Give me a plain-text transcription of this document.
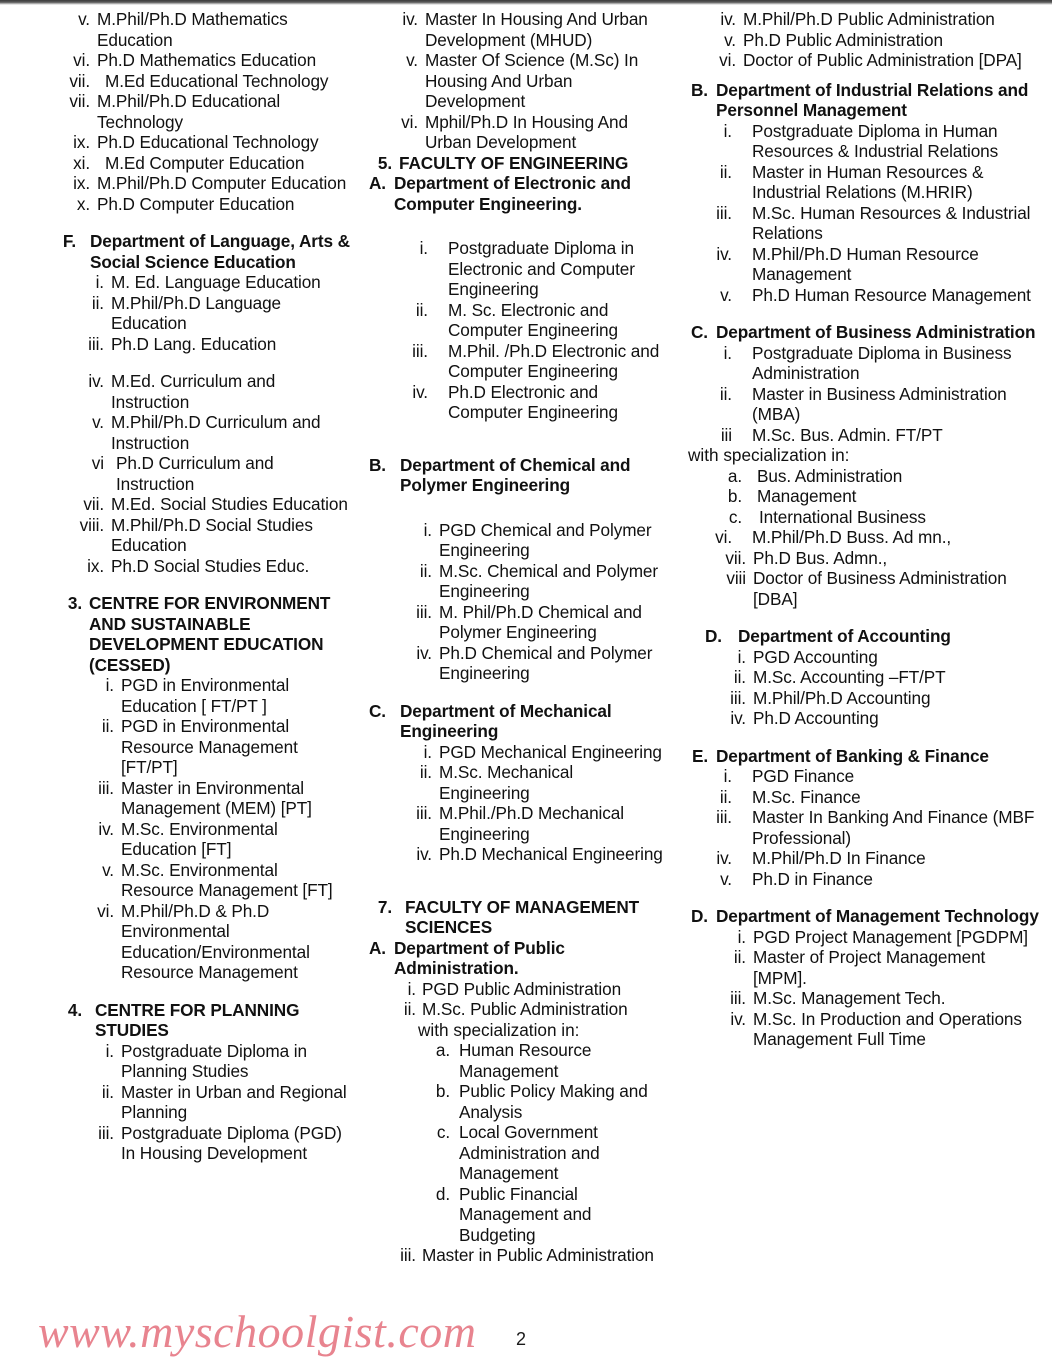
v. M.Phil/Ph.D Mathematics Education
vi. Ph.D Mathematics Education
vii. M.Ed Educational Technology
vii. M.Phil/Ph.D Educational Technology
ix. Ph.D Educational Technology
xi. M.Ed Computer Education
ix. M.Phil/Ph.D Computer Education
x. Ph.D Computer Education
F. Department of Language, Arts & Social Science Education
i. M. Ed. Language Education
ii. M.Phil/Ph.D Language Education
iii. Ph.D Lang. Education
iv. M.Ed. Curriculum and Instruction
v. M.Phil/Ph.D Curriculum and Instruction
vi Ph.D Curriculum and Instruction
vii. M.Ed. Social Studies Education
viii. M.Phil/Ph.D Social Studies Education
ix. Ph.D Social Studies Educ.
3. CENTRE FOR ENVIRONMENT AND SUSTAINABLE DEVELOPMENT EDUCATION (CESSED)
i. PGD in Environmental Education [ FT/PT ]
ii. PGD in Environmental Resource Management [FT/PT]
iii. Master in Environmental Management (MEM) [PT]
iv. M.Sc. Environmental Education [FT]
v. M.Sc. Environmental Resource Management [FT]
vi. M.Phil/Ph.D & Ph.D Environmental Education/Environmental Resource Management
4. CENTRE FOR PLANNING STUDIES
i. Postgraduate Diploma in Planning Studies
ii. Master in Urban and Regional Planning
iii. Postgraduate Diploma (PGD) In Housing Development
iv. Master In Housing And Urban Development (MHUD)
v. Master Of Science (M.Sc) In Housing And Urban Development
vi. Mphil/Ph.D In Housing And Urban Development
5. FACULTY OF ENGINEERING
A. Department of Electronic and Computer Engineering.
i. Postgraduate Diploma in Electronic and Computer Engineering
ii. M. Sc. Electronic and Computer Engineering
iii. M.Phil. /Ph.D Electronic and Computer Engineering
iv. Ph.D Electronic and Computer Engineering
B. Department of Chemical and Polymer Engineering
i. PGD Chemical and Polymer Engineering
ii. M.Sc. Chemical and Polymer Engineering
iii. M. Phil/Ph.D Chemical and Polymer Engineering
iv. Ph.D Chemical and Polymer Engineering
C. Department of Mechanical Engineering
i. PGD Mechanical Engineering
ii. M.Sc. Mechanical Engineering
iii. M.Phil./Ph.D Mechanical Engineering
iv. Ph.D Mechanical Engineering
7. FACULTY OF MANAGEMENT SCIENCES
A. Department of Public Administration.
i. PGD Public Administration
ii. M.Sc. Public Administration
with specialization in:
a. Human Resource Management
b. Public Policy Making and Analysis
c. Local Government Administration and Management
d. Public Financial Management and Budgeting
iii. Master in Public Administration
iv. M.Phil/Ph.D Public Administration
v. Ph.D Public Administration
vi. Doctor of Public Administration [DPA]
B. Department of Industrial Relations and Personnel Management
i. Postgraduate Diploma in Human Resources & Industrial Relations
ii. Master in Human Resources & Industrial Relations (M.HRIR)
iii. M.Sc. Human Resources & Industrial Relations
iv. M.Phil/Ph.D Human Resource Management
v. Ph.D Human Resource Management
C. Department of Business Administration
i. Postgraduate Diploma in Business Administration
ii. Master in Business Administration (MBA)
iii M.Sc. Bus. Admin. FT/PT
with specialization in:
a. Bus. Administration
b. Management
c. International Business
vi. M.Phil/Ph.D Buss. Ad mn.,
vii. Ph.D Bus. Admn.,
viii Doctor of Business Administration [DBA]
D. Department of Accounting
i. PGD Accounting
ii. M.Sc. Accounting –FT/PT
iii. M.Phil/Ph.D Accounting
iv. Ph.D Accounting
E. Department of Banking & Finance
i. PGD Finance
ii. M.Sc. Finance
iii. Master In Banking And Finance (MBF Professional)
iv. M.Phil/Ph.D In Finance
v. Ph.D in Finance
D. Department of Management Technology
i. PGD Project Management [PGDPM]
ii. Master of Project Management [MPM].
iii. M.Sc. Management Tech.
iv. M.Sc. In Production and Operations Management Full Time
www.myschoolgist.com 2
